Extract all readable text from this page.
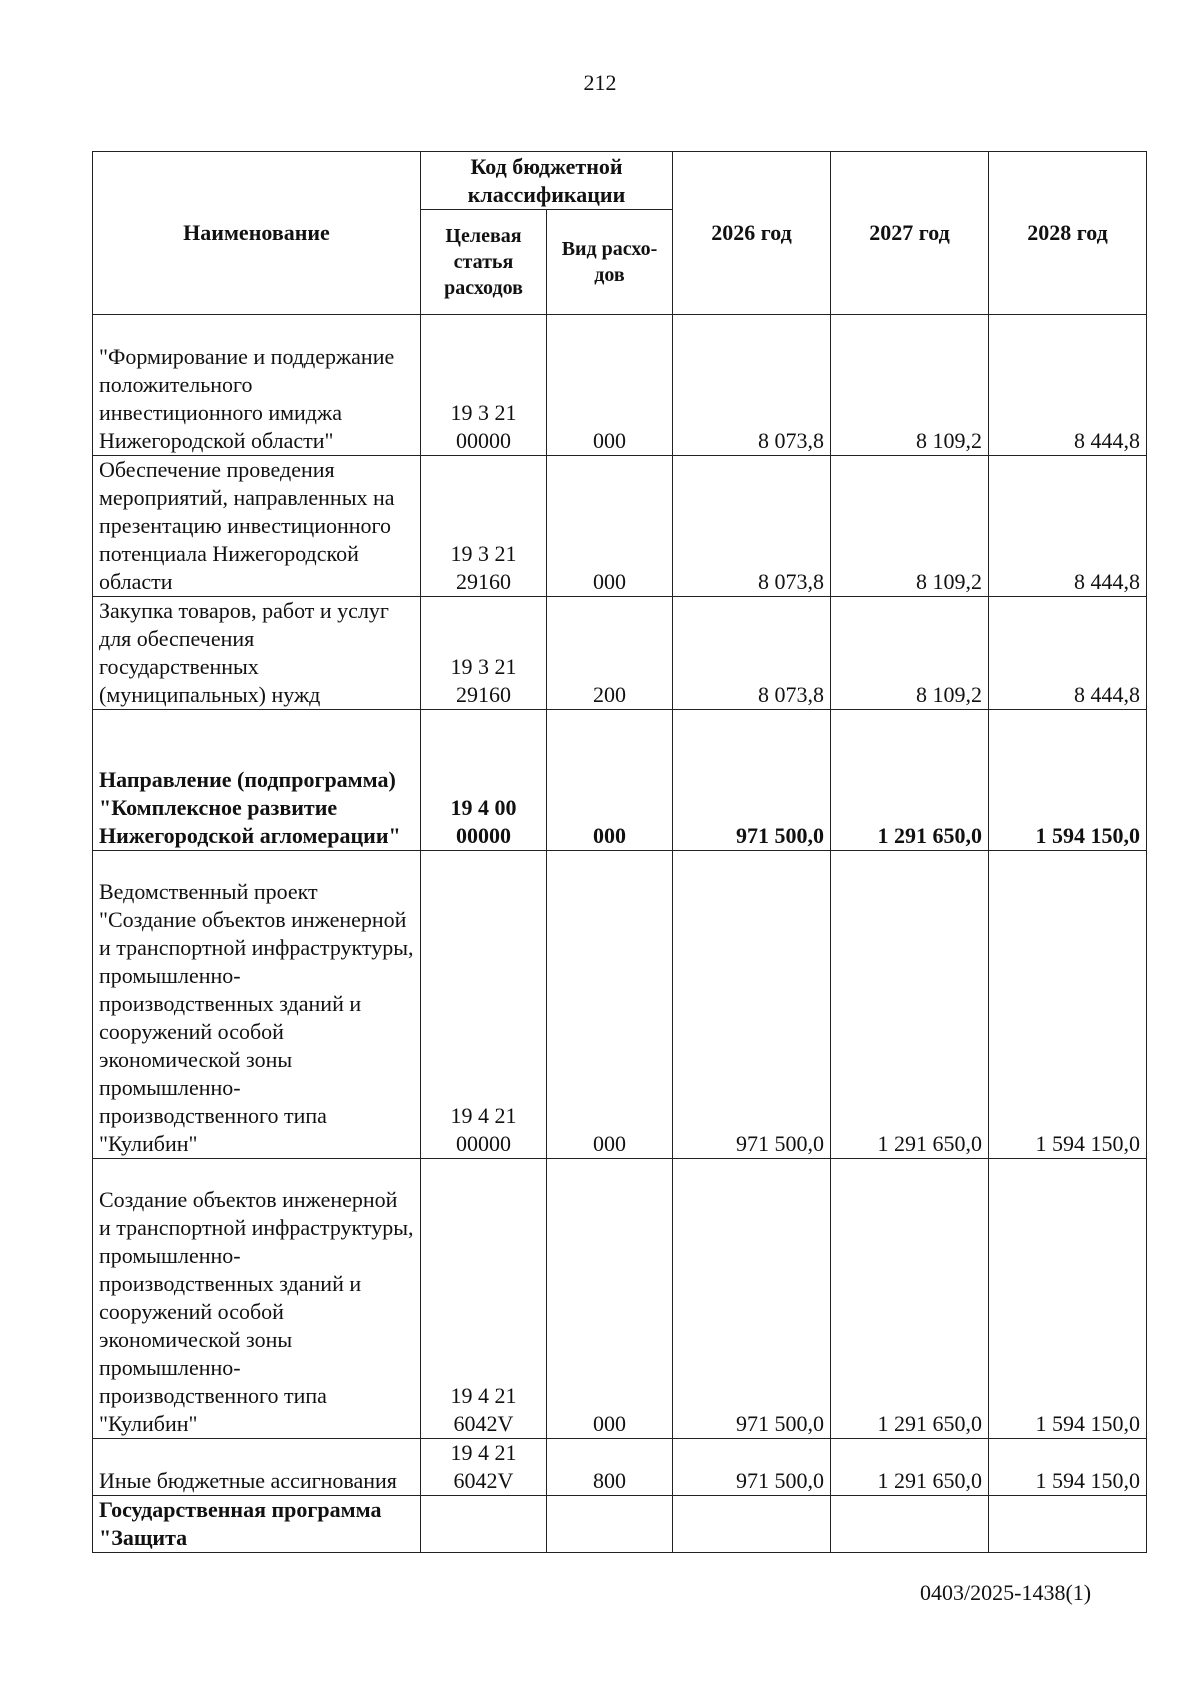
212
Наименование	Код бюджетной классификации		2026 год	2027 год	2028 год
	Целевая статья расходов	Вид расхо-дов			
"Формирование и поддержание положительного инвестиционного имиджа Нижегородской области"	19 3 21 00000	000	8 073,8	8 109,2	8 444,8
Обеспечение проведения мероприятий, направленных на презентацию инвестиционного потенциала Нижегородской области	19 3 21 29160	000	8 073,8	8 109,2	8 444,8
Закупка товаров, работ и услуг для обеспечения государственных (муниципальных) нужд	19 3 21 29160	200	8 073,8	8 109,2	8 444,8
Направление (подпрограмма) "Комплексное развитие Нижегородской агломерации"	19 4 00 00000	000	971 500,0	1 291 650,0	1 594 150,0
Ведомственный проект "Создание объектов инженерной и транспортной инфраструктуры, промышленно-производственных зданий и сооружений особой экономической зоны промышленно-производственного типа "Кулибин"	19 4 21 00000	000	971 500,0	1 291 650,0	1 594 150,0
Создание объектов инженерной и транспортной инфраструктуры, промышленно-производственных зданий и сооружений особой экономической зоны промышленно-производственного типа "Кулибин"	19 4 21 6042V	000	971 500,0	1 291 650,0	1 594 150,0
Иные бюджетные ассигнования	19 4 21 6042V	800	971 500,0	1 291 650,0	1 594 150,0
Государственная программа "Защита					
0403/2025-1438(1)
